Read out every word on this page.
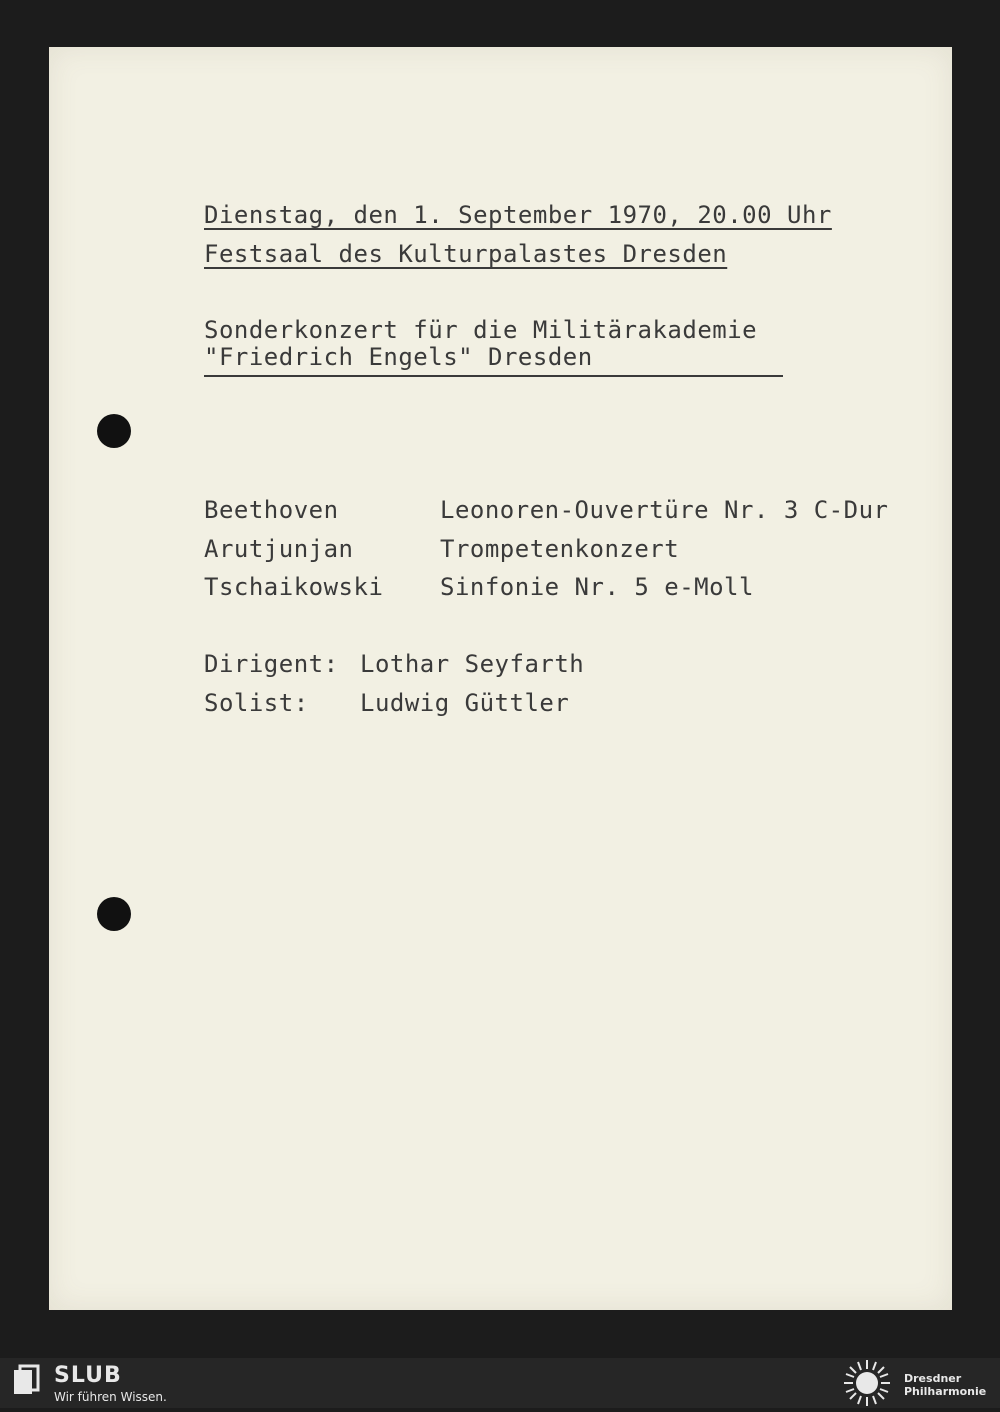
Dienstag, den 1. September 1970, 20.00 Uhr
Festsaal des Kulturpalastes Dresden
Sonderkonzert für die Militärakademie
"Friedrich Engels" Dresden
Beethoven	Leonoren-Ouvertüre Nr. 3 C-Dur
Arutjunjan	Trompetenkonzert
Tschaikowski Sinfonie Nr. 5 e-Moll
Dirigent: Lothar Seyfarth
Solist: Ludwig Güttler
SLUB
Wir führen Wissen.
Dresdner
Philharmonie
